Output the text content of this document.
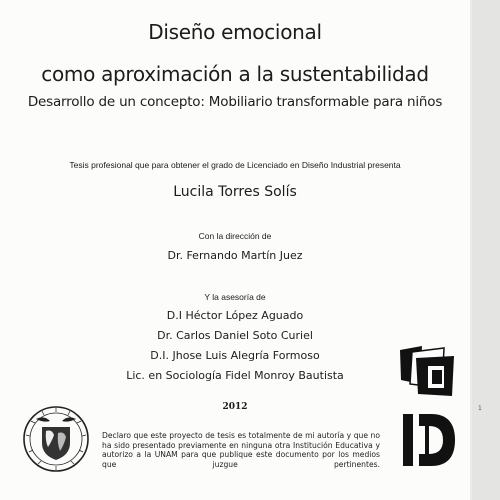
Diseño emocional
como aproximación a la sustentabilidad
Desarrollo de un concepto: Mobiliario transformable para niños
Tesis profesional que para obtener el grado de Licenciado en Diseño Industrial presenta
Lucila Torres Solís
Con la dirección de
Dr. Fernando Martín Juez
Y la asesoría de
D.I Héctor López Aguado
Dr. Carlos Daniel Soto Curiel
D.I. Jhose Luis Alegría Formoso
Lic. en Sociología Fidel Monroy Bautista
2012
Declaro que este proyecto de tesis es totalmente de mi autoría y que no ha sido presentado previamente en ninguna otra Institución Educativa y autorizo a la UNAM para que publique este documento por los medios que juzgue pertinentes.
1
